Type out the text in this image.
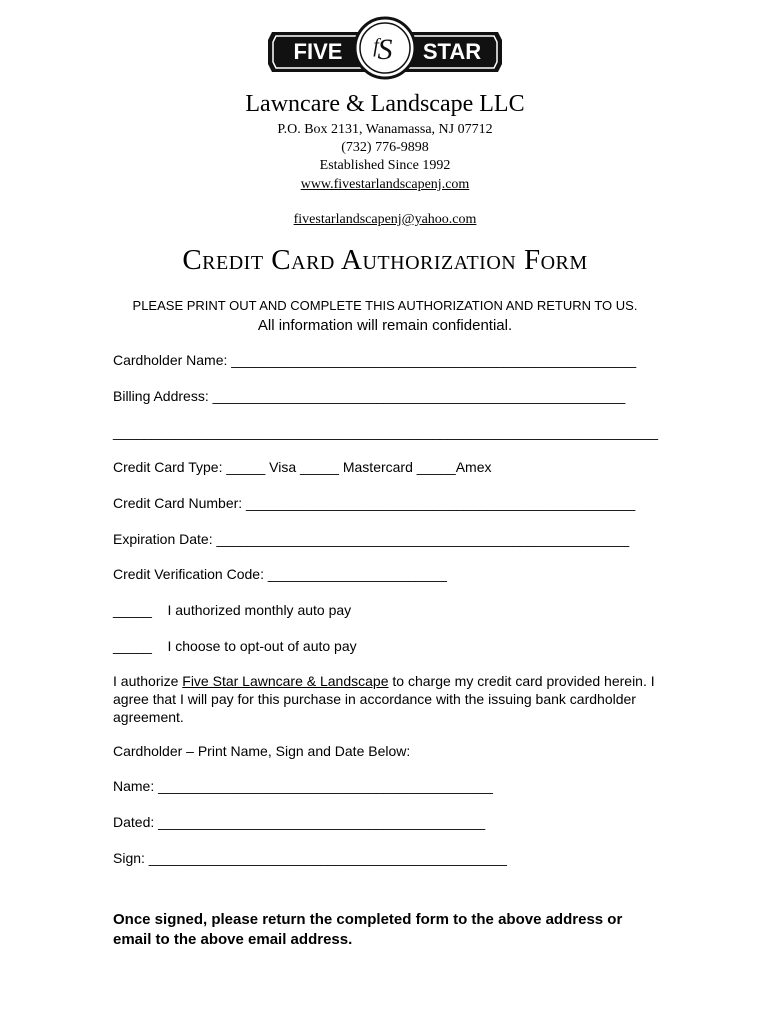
S
f
FIVE	STAR
Lawncare & Landscape LLC
P.O. Box 2131, Wanamassa, NJ 07712
(732) 776-9898
Established Since 1992
www.fivestarlandscapenj.com
fivestarlandscapenj@yahoo.com
Credit Card Authorization Form
PLEASE PRINT OUT AND COMPLETE THIS AUTHORIZATION AND RETURN TO US.
All information will remain confidential.
Cardholder Name: ____________________________________________________
Billing Address: _____________________________________________________
______________________________________________________________________
Credit Card Type: _____ Visa _____ Mastercard _____Amex
Credit Card Number: __________________________________________________
Expiration Date: _____________________________________________________
Credit Verification Code: _______________________
_____    I authorized monthly auto pay
_____    I choose to opt-out of auto pay
I authorize Five Star Lawncare & Landscape to charge my credit card provided herein. I agree that I will pay for this purchase in accordance with the issuing bank cardholder agreement.
Cardholder – Print Name, Sign and Date Below:
Name: ___________________________________________
Dated: __________________________________________
Sign: ______________________________________________
Once signed, please return the completed form to the above address or email to the above email address.
